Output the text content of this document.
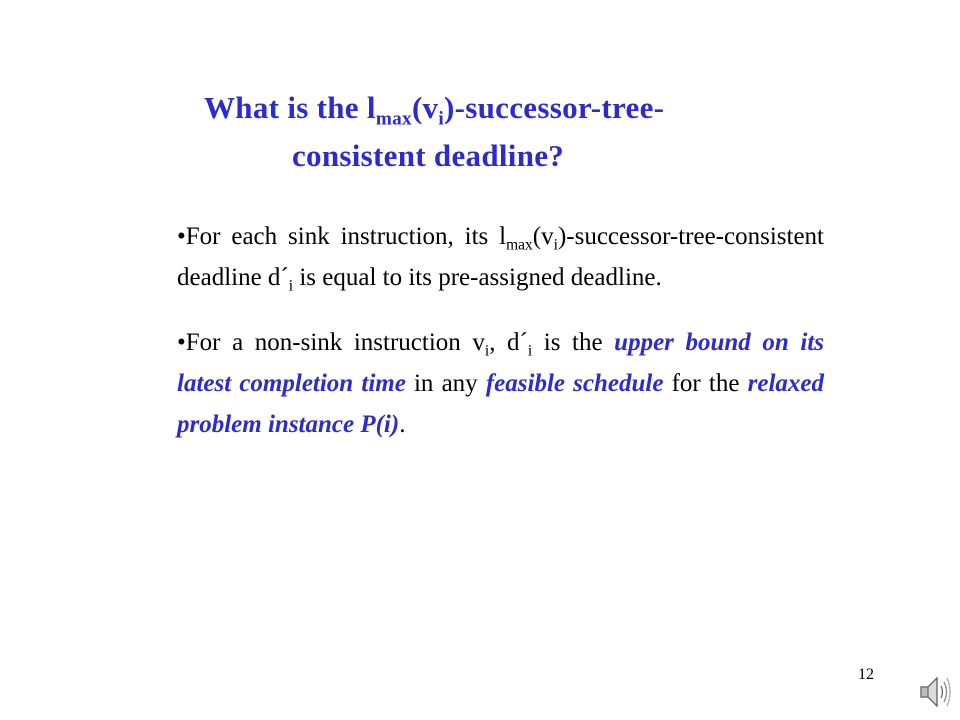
What is the $l_{max}(v_i)-successor-tree-$
consistent deadline?

•For each sink instruction, its $l_{max}(v_i)-successor-tree$-consistent deadline $d´_i$ is equal to its pre-assigned deadline.

•For a non-sink instruction $v_i$, $d´_i$ is the upper bound on its latest completion time in any feasible schedule for the relaxed problem instance P(i).

12
